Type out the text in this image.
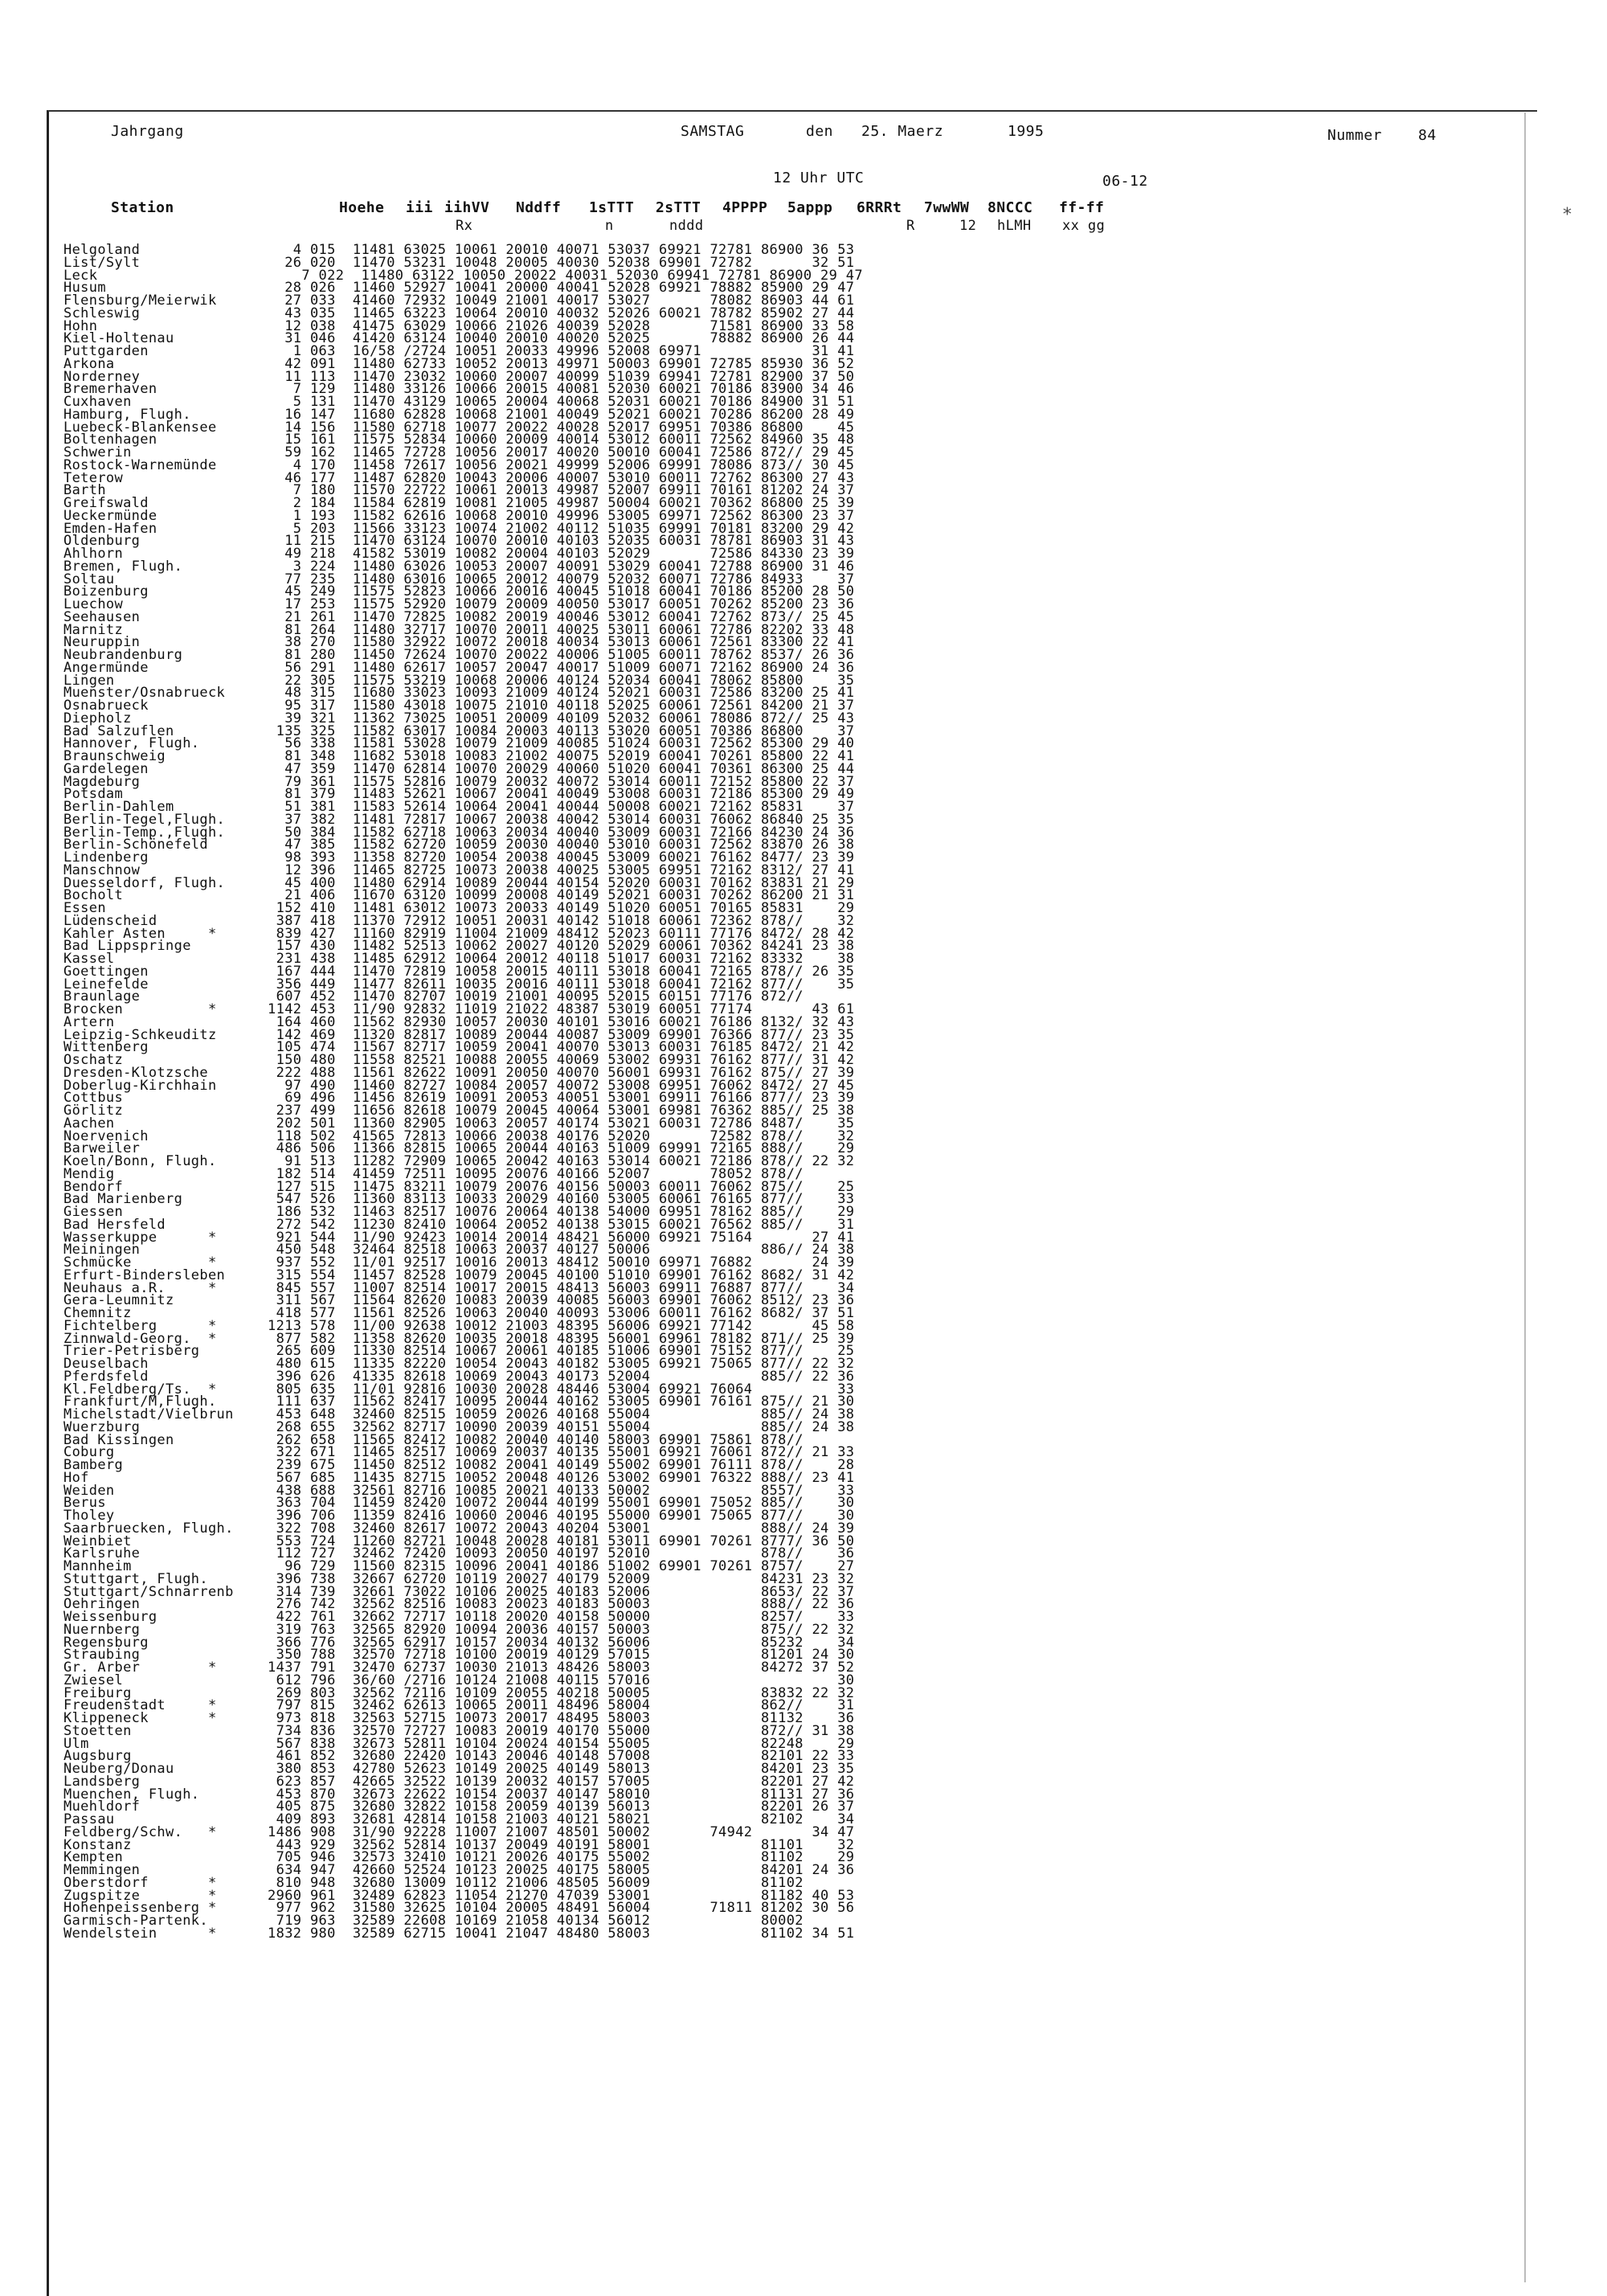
⁎
Jahrgang	SAMSTAG	den 25. Maerz	1995	Nummer 84
12 Uhr UTC	06-12
Station	Hoehe iii iihVV Nddff 1sTTT 2sTTT 4PPPP 5appp 6RRRt 7wwWW 8NCCC ff-ff
Rx	n	nddd	R	12 hLMH xx gg
Helgoland                  4 015  11481 63025 10061 20010 40071 53037 69921 72781 86900 36 53
List/Sylt                 26 020  11470 53231 10048 20005 40030 52038 69901 72782       32 51
Leck                        7 022  11480 63122 10050 20022 40031 52030 69941 72781 86900 29 47
Husum                     28 026  11460 52927 10041 20000 40041 52028 69921 78882 85900 29 47
Flensburg/Meierwik        27 033  41460 72932 10049 21001 40017 53027       78082 86903 44 61
Schleswig                 43 035  11465 63223 10064 20010 40032 52026 60021 78782 85902 27 44
Hohn                      12 038  41475 63029 10066 21026 40039 52028       71581 86900 33 58
Kiel-Holtenau             31 046  41420 63124 10040 20010 40020 52025       78882 86900 26 44
Puttgarden                 1 063  16/58 /2724 10051 20033 49996 52008 69971             31 41
Arkona                    42 091  11480 62733 10052 20013 49971 50003 69901 72785 85930 36 52
Norderney                 11 113  11470 23032 10060 20007 40099 51039 69941 72781 82900 37 50
Bremerhaven                7 129  11480 33126 10066 20015 40081 52030 60021 70186 83900 34 46
Cuxhaven                   5 131  11470 43129 10065 20004 40068 52031 60021 70186 84900 31 51
Hamburg, Flugh.           16 147  11680 62828 10068 21001 40049 52021 60021 70286 86200 28 49
Luebeck-Blankensee        14 156  11580 62718 10077 20022 40028 52017 69951 70386 86800    45
Boltenhagen               15 161  11575 52834 10060 20009 40014 53012 60011 72562 84960 35 48
Schwerin                  59 162  11465 72728 10056 20017 40020 50010 60041 72586 872// 29 45
Rostock-Warnemünde         4 170  11458 72617 10056 20021 49999 52006 69991 78086 873// 30 45
Teterow                   46 177  11487 62820 10043 20006 40007 53010 60011 72762 86300 27 43
Barth                      7 180  11570 22722 10061 20013 49987 52007 69911 70161 81202 24 37
Greifswald                 2 184  11584 62819 10081 21005 49987 50004 60021 70362 86800 25 39
Ueckermünde                1 193  11582 62616 10068 20010 49996 53005 69971 72562 86300 23 37
Emden-Hafen                5 203  11566 33123 10074 21002 40112 51035 69991 70181 83200 29 42
Oldenburg                 11 215  11470 63124 10070 20010 40103 52035 60031 78781 86903 31 43
Ahlhorn                   49 218  41582 53019 10082 20004 40103 52029       72586 84330 23 39
Bremen, Flugh.             3 224  11480 63026 10053 20007 40091 53029 60041 72788 86900 31 46
Soltau                    77 235  11480 63016 10065 20012 40079 52032 60071 72786 84933    37
Boizenburg                45 249  11575 52823 10066 20016 40045 51018 60041 70186 85200 28 50
Luechow                   17 253  11575 52920 10079 20009 40050 53017 60051 70262 85200 23 36
Seehausen                 21 261  11470 72825 10082 20019 40046 53012 60041 72762 873// 25 45
Marnitz                   81 264  11480 32717 10070 20011 40025 53011 60061 72786 82202 33 48
Neuruppin                 38 270  11580 32922 10072 20018 40034 53013 60061 72561 83300 22 41
Neubrandenburg            81 280  11450 72624 10070 20022 40006 51005 60011 78762 8537/ 26 36
Angermünde                56 291  11480 62617 10057 20047 40017 51009 60071 72162 86900 24 36
Lingen                    22 305  11575 53219 10068 20006 40124 52034 60041 78062 85800    35
Muenster/Osnabrueck       48 315  11680 33023 10093 21009 40124 52021 60031 72586 83200 25 41
Osnabrueck                95 317  11580 43018 10075 21010 40118 52025 60061 72561 84200 21 37
Diepholz                  39 321  11362 73025 10051 20009 40109 52032 60061 78086 872// 25 43
Bad Salzuflen            135 325  11582 63017 10084 20003 40113 53020 60051 70386 86800    37
Hannover, Flugh.          56 338  11581 53028 10079 21009 40085 51024 60031 72562 85300 29 40
Braunschweig              81 348  11682 53018 10083 21002 40075 52019 60041 70261 85800 22 41
Gardelegen                47 359  11470 62814 10070 20029 40060 51020 60041 70361 86300 25 44
Magdeburg                 79 361  11575 52816 10079 20032 40072 53014 60011 72152 85800 22 37
Potsdam                   81 379  11483 52621 10067 20041 40049 53008 60031 72186 85300 29 49
Berlin-Dahlem             51 381  11583 52614 10064 20041 40044 50008 60021 72162 85831    37
Berlin-Tegel,Flugh.       37 382  11481 72817 10067 20038 40042 53014 60031 76062 86840 25 35
Berlin-Temp.,Flugh.       50 384  11582 62718 10063 20034 40040 53009 60031 72166 84230 24 36
Berlin-Schönefeld         47 385  11582 62720 10059 20030 40040 53010 60031 72562 83870 26 38
Lindenberg                98 393  11358 82720 10054 20038 40045 53009 60021 76162 8477/ 23 39
Manschnow                 12 396  11465 82725 10073 20038 40025 53005 69951 72162 8312/ 27 41
Duesseldorf, Flugh.       45 400  11480 62914 10089 20044 40154 52020 60031 70162 83831 21 29
Bocholt                   21 406  11670 63120 10099 20008 40149 52021 60031 70262 86200 21 31
Essen                    152 410  11481 63012 10073 20033 40149 51020 60051 70165 85831    29
Lüdenscheid              387 418  11370 72912 10051 20031 40142 51018 60061 72362 878//    32
Kahler Asten     *       839 427  11160 82919 11004 21009 48412 52023 60111 77176 8472/ 28 42
Bad Lippspringe          157 430  11482 52513 10062 20027 40120 52029 60061 70362 84241 23 38
Kassel                   231 438  11485 62912 10064 20012 40118 51017 60031 72162 83332    38
Goettingen               167 444  11470 72819 10058 20015 40111 53018 60041 72165 878// 26 35
Leinefelde               356 449  11477 82611 10035 20016 40111 53018 60041 72162 877//    35
Braunlage                607 452  11470 82707 10019 21001 40095 52015 60151 77176 872//
Brocken          *      1142 453  11/90 92832 11019 21022 48387 53019 60051 77174       43 61
Artern                   164 460  11562 82930 10057 20030 40101 53016 60021 76186 8132/ 32 43
Leipzig-Schkeuditz       142 469  11320 82817 10089 20044 40087 53009 69901 76366 877// 23 35
Wittenberg               105 474  11567 82717 10059 20041 40070 53013 60031 76185 8472/ 21 42
Oschatz                  150 480  11558 82521 10088 20055 40069 53002 69931 76162 877// 31 42
Dresden-Klotzsche        222 488  11561 82622 10091 20050 40070 56001 69931 76162 875// 27 39
Doberlug-Kirchhain        97 490  11460 82727 10084 20057 40072 53008 69951 76062 8472/ 27 45
Cottbus                   69 496  11456 82619 10091 20053 40051 53001 69911 76166 877// 23 39
Görlitz                  237 499  11656 82618 10079 20045 40064 53001 69981 76362 885// 25 38
Aachen                   202 501  11360 82905 10063 20057 40174 53021 60031 72786 8487/    35
Noervenich               118 502  41565 72813 10066 20038 40176 52020       72582 878//    32
Barweiler                486 506  11366 82815 10065 20044 40163 51009 69991 72165 888//    29
Koeln/Bonn, Flugh.        91 513  11282 72909 10065 20042 40163 53014 60021 72186 878// 22 32
Mendig                   182 514  41459 72511 10095 20076 40166 52007       78052 878//
Bendorf                  127 515  11475 83211 10079 20076 40156 50003 60011 76062 875//    25
Bad Marienberg           547 526  11360 83113 10033 20029 40160 53005 60061 76165 877//    33
Giessen                  186 532  11463 82517 10076 20064 40138 54000 69951 78162 885//    29
Bad Hersfeld             272 542  11230 82410 10064 20052 40138 53015 60021 76562 885//    31
Wasserkuppe      *       921 544  11/90 92423 10014 20014 48421 56000 69921 75164       27 41
Meiningen                450 548  32464 82518 10063 20037 40127 50006             886// 24 38
Schmücke         *       937 552  11/01 92517 10016 20013 48412 50010 69971 76882       24 39
Erfurt-Bindersleben      315 554  11457 82528 10079 20045 40100 51010 69901 76162 8682/ 31 42
Neuhaus a.R.     *       845 557  11007 82514 10017 20015 48413 56003 69911 76887 877//    34
Gera-Leumnitz            311 567  11564 82620 10083 20039 40085 56003 69901 76062 8512/ 23 36
Chemnitz                 418 577  11561 82526 10063 20040 40093 53006 60011 76162 8682/ 37 51
Fichtelberg      *      1213 578  11/00 92638 10012 21003 48395 56006 69921 77142       45 58
Zinnwald-Georg.  *       877 582  11358 82620 10035 20018 48395 56001 69961 78182 871// 25 39
Trier-Petrisberg         265 609  11330 82514 10067 20061 40185 51006 69901 75152 877//    25
Deuselbach               480 615  11335 82220 10054 20043 40182 53005 69921 75065 877// 22 32
Pferdsfeld               396 626  41335 82618 10069 20043 40173 52004             885// 22 36
Kl.Feldberg/Ts.  *       805 635  11/01 92816 10030 20028 48446 53004 69921 76064          33
Frankfurt/M,Flugh.       111 637  11562 82417 10095 20044 40162 53005 69901 76161 875// 21 30
Michelstadt/Vielbrun     453 648  32460 82515 10059 20026 40168 55004             885// 24 38
Wuerzburg                268 655  32562 82717 10090 20039 40151 55004             885// 24 38
Bad Kissingen            262 658  11565 82412 10082 20040 40140 58003 69901 75861 878//
Coburg                   322 671  11465 82517 10069 20037 40135 55001 69921 76061 872// 21 33
Bamberg                  239 675  11450 82512 10082 20041 40149 55002 69901 76111 878//    28
Hof                      567 685  11435 82715 10052 20048 40126 53002 69901 76322 888// 23 41
Weiden                   438 688  32561 82716 10085 20021 40133 50002             8557/    33
Berus                    363 704  11459 82420 10072 20044 40199 55001 69901 75052 885//    30
Tholey                   396 706  11359 82416 10060 20046 40195 55000 69901 75065 877//    30
Saarbruecken, Flugh.     322 708  32460 82617 10072 20043 40204 53001             888// 24 39
Weinbiet                 553 724  11260 82721 10048 20028 40181 53011 69901 70261 8777/ 36 50
Karlsruhe                112 727  32462 72420 10093 20050 40197 52010             878//    36
Mannheim                  96 729  11560 82315 10096 20041 40186 51002 69901 70261 8757/    27
Stuttgart, Flugh.        396 738  32667 62720 10119 20027 40179 52009             84231 23 32
Stuttgart/Schnarrenb     314 739  32661 73022 10106 20025 40183 52006             8653/ 22 37
Oehringen                276 742  32562 82516 10083 20023 40183 50003             888// 22 36
Weissenburg              422 761  32662 72717 10118 20020 40158 50000             8257/    33
Nuernberg                319 763  32565 82920 10094 20036 40157 50003             875// 22 32
Regensburg               366 776  32565 62917 10157 20034 40132 56006             85232    34
Straubing                350 788  32570 72718 10100 20019 40129 57015             81201 24 30
Gr. Arber        *      1437 791  32470 62737 10030 21013 48426 58003             84272 37 52
Zwiesel                  612 796  36/60 /2716 10124 21008 40115 57016                      30
Freiburg                 269 803  32562 72116 10109 20055 40218 50005             83832 22 32
Freudenstadt     *       797 815  32462 62613 10065 20011 48496 58004             862//    31
Klippeneck       *       973 818  32563 52715 10073 20017 48495 58003             81132    36
Stoetten                 734 836  32570 72727 10083 20019 40170 55000             872// 31 38
Ulm                      567 838  32673 52811 10104 20024 40154 55005             82248    29
Augsburg                 461 852  32680 22420 10143 20046 40148 57008             82101 22 33
Neuberg/Donau            380 853  42780 52623 10149 20025 40149 58013             84201 23 35
Landsberg                623 857  42665 32522 10139 20032 40157 57005             82201 27 42
Muenchen, Flugh.         453 870  32673 22622 10154 20037 40147 58010             81131 27 36
Muehldorf                405 875  32680 32822 10158 20059 40139 56013             82201 26 37
Passau                   409 893  32681 42814 10158 21003 40121 58021             82102    34
Feldberg/Schw.   *      1486 908  31/90 92228 11007 21007 48501 50002       74942       34 47
Konstanz                 443 929  32562 52814 10137 20049 40191 58001             81101    32
Kempten                  705 946  32573 32410 10121 20026 40175 55002             81102    29
Memmingen                634 947  42660 52524 10123 20025 40175 58005             84201 24 36
Oberstdorf       *       810 948  32680 13009 10112 21006 48505 56009             81102
Zugspitze        *      2960 961  32489 62823 11054 21270 47039 53001             81182 40 53
Hohenpeissenberg *       977 962  31580 32625 10104 20005 48491 56004       71811 81202 30 56
Garmisch-Partenk.        719 963  32589 22608 10169 21058 40134 56012             80002
Wendelstein      *      1832 980  32589 62715 10041 21047 48480 58003             81102 34 51
